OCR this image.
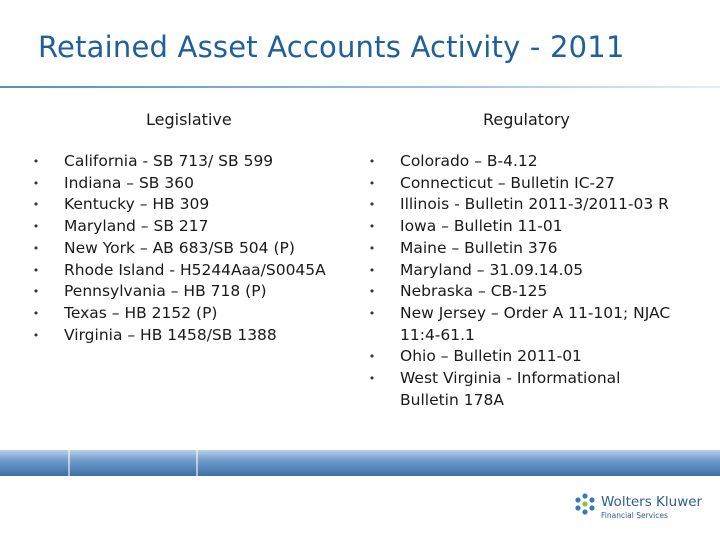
Retained Asset Accounts Activity - 2011
Legislative	Regulatory
• California - SB 713/ SB 599
• Indiana – SB 360
• Kentucky – HB 309
• Maryland – SB 217
• New York – AB 683/SB 504 (P)
• Rhode Island - H5244Aaa/S0045A
• Pennsylvania – HB 718 (P)
• Texas – HB 2152 (P)
• Virginia – HB 1458/SB 1388
• Colorado – B-4.12
• Connecticut – Bulletin IC-27
• Illinois - Bulletin 2011-3/2011-03 R
• Iowa – Bulletin 11-01
• Maine – Bulletin 376
• Maryland – 31.09.14.05
• Nebraska – CB-125
• New Jersey – Order A 11-101; NJAC
11:4-61.1
• Ohio – Bulletin 2011-01
• West Virginia - Informational
Bulletin 178A
Wolters Kluwer
Financial Services
